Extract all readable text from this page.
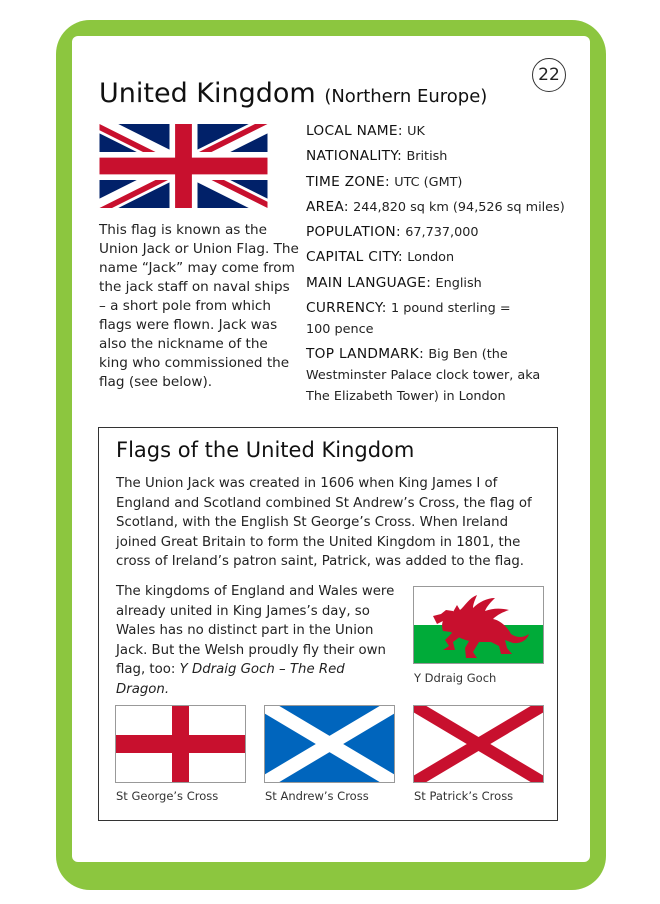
22
United Kingdom (Northern Europe)

This flag is known as the Union Jack or Union Flag. The name “Jack” may come from the jack staff on naval ships – a short pole from which flags were flown. Jack was also the nickname of the king who commissioned the flag (see below).

LOCAL NAME: UK

NATIONALITY: British

TIME ZONE: UTC (GMT)

AREA: 244,820 sq km (94,526 sq miles)

POPULATION: 67,737,000

CAPITAL CITY: London

MAIN LANGUAGE: English

CURRENCY: 1 pound sterling = 100 pence

TOP LANDMARK: Big Ben (the Westminster Palace clock tower, aka The Elizabeth Tower) in London

Flags of the United Kingdom

The Union Jack was created in 1606 when King James I of England and Scotland combined St Andrew’s Cross, the flag of Scotland, with the English St George’s Cross. When Ireland joined Great Britain to form the United Kingdom in 1801, the cross of Ireland’s patron saint, Patrick, was added to the flag.

The kingdoms of England and Wales were already united in King James’s day, so Wales has no distinct part in the Union Jack. But the Welsh proudly fly their own flag, too: Y Ddraig Goch – The Red Dragon.

Y Ddraig Goch
St George’s Cross	St Andrew’s Cross	St Patrick’s Cross
